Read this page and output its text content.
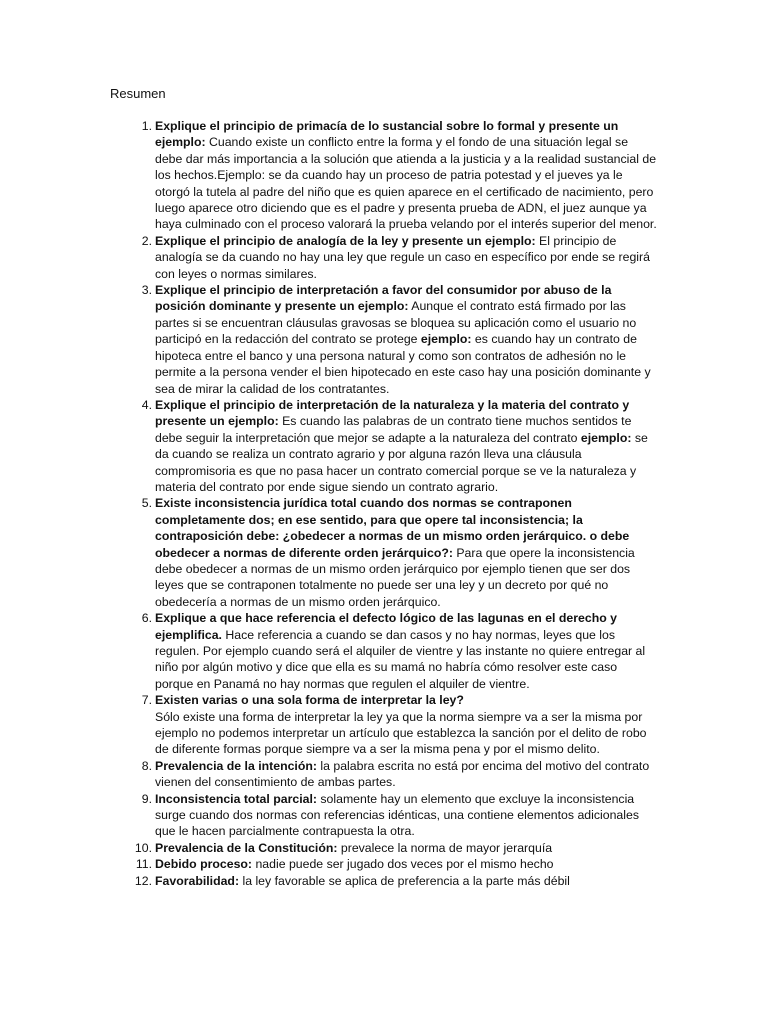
Resumen
1. Explique el principio de primacía de lo sustancial sobre lo formal y presente un ejemplo: Cuando existe un conflicto entre la forma y el fondo de una situación legal se debe dar más importancia a la solución que atienda a la justicia y a la realidad sustancial de los hechos.Ejemplo: se da cuando hay un proceso de patria potestad y el jueves ya le otorgó la tutela al padre del niño que es quien aparece en el certificado de nacimiento, pero luego aparece otro diciendo que es el padre y presenta prueba de ADN, el juez aunque ya haya culminado con el proceso valorará la prueba velando por el interés superior del menor.
2. Explique el principio de analogía de la ley y presente un ejemplo: El principio de analogía se da cuando no hay una ley que regule un caso en específico por ende se regirá con leyes o normas similares.
3. Explique el principio de interpretación a favor del consumidor por abuso de la posición dominante y presente un ejemplo: Aunque el contrato está firmado por las partes si se encuentran cláusulas gravosas se bloquea su aplicación como el usuario no participó en la redacción del contrato se protege ejemplo: es cuando hay un contrato de hipoteca entre el banco y una persona natural y como son contratos de adhesión no le permite a la persona vender el bien hipotecado en este caso hay una posición dominante y sea de mirar la calidad de los contratantes.
4. Explique el principio de interpretación de la naturaleza y la materia del contrato y presente un ejemplo: Es cuando las palabras de un contrato tiene muchos sentidos te debe seguir la interpretación que mejor se adapte a la naturaleza del contrato ejemplo: se da cuando se realiza un contrato agrario y por alguna razón lleva una cláusula compromisoria es que no pasa hacer un contrato comercial porque se ve la naturaleza y materia del contrato por ende sigue siendo un contrato agrario.
5. Existe inconsistencia jurídica total cuando dos normas se contraponen completamente dos; en ese sentido, para que opere tal inconsistencia; la contraposición debe: ¿obedecer a normas de un mismo orden jerárquico. o debe obedecer a normas de diferente orden jerárquico?: Para que opere la inconsistencia debe obedecer a normas de un mismo orden jerárquico por ejemplo tienen que ser dos leyes que se contraponen totalmente no puede ser una ley y un decreto por qué no obedecería a normas de un mismo orden jerárquico.
6. Explique a que hace referencia el defecto lógico de las lagunas en el derecho y ejemplifica. Hace referencia a cuando se dan casos y no hay normas, leyes que los regulen. Por ejemplo cuando será el alquiler de vientre y las instante no quiere entregar al niño por algún motivo y dice que ella es su mamá no habría cómo resolver este caso porque en Panamá no hay normas que regulen el alquiler de vientre.
7. Existen varias o una sola forma de interpretar la ley?
Sólo existe una forma de interpretar la ley ya que la norma siempre va a ser la misma por ejemplo no podemos interpretar un artículo que establezca la sanción por el delito de robo de diferente formas porque siempre va a ser la misma pena y por el mismo delito.
8. Prevalencia de la intención: la palabra escrita no está por encima del motivo del contrato vienen del consentimiento de ambas partes.
9. Inconsistencia total parcial: solamente hay un elemento que excluye la inconsistencia surge cuando dos normas con referencias idénticas, una contiene elementos adicionales que le hacen parcialmente contrapuesta la otra.
10. Prevalencia de la Constitución: prevalece la norma de mayor jerarquía
11. Debido proceso: nadie puede ser jugado dos veces por el mismo hecho
12. Favorabilidad: la ley favorable se aplica de preferencia a la parte más débil
